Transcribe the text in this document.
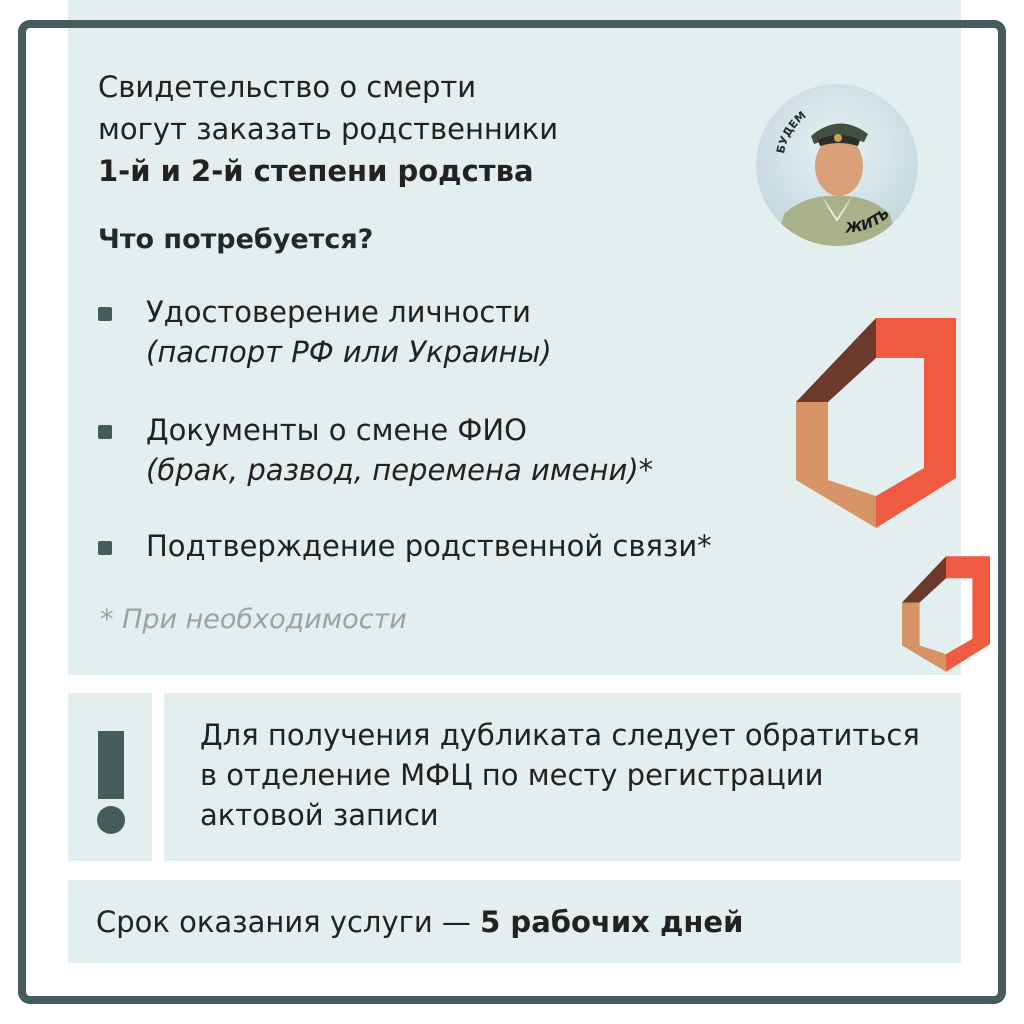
Свидетельство о смерти
могут заказать родственники
1-й и 2-й степени родства
БУДЕМ
ЖИТЬ
Что потребуется?
Удостоверение личности
(паспорт РФ или Украины)
Документы о смене ФИО
(брак, развод, перемена имени)*
Подтверждение родственной связи*
* При необходимости
Для получения дубликата следует обратиться в отделение МФЦ по месту регистрации актовой записи
Срок оказания услуги — 5 рабочих дней
